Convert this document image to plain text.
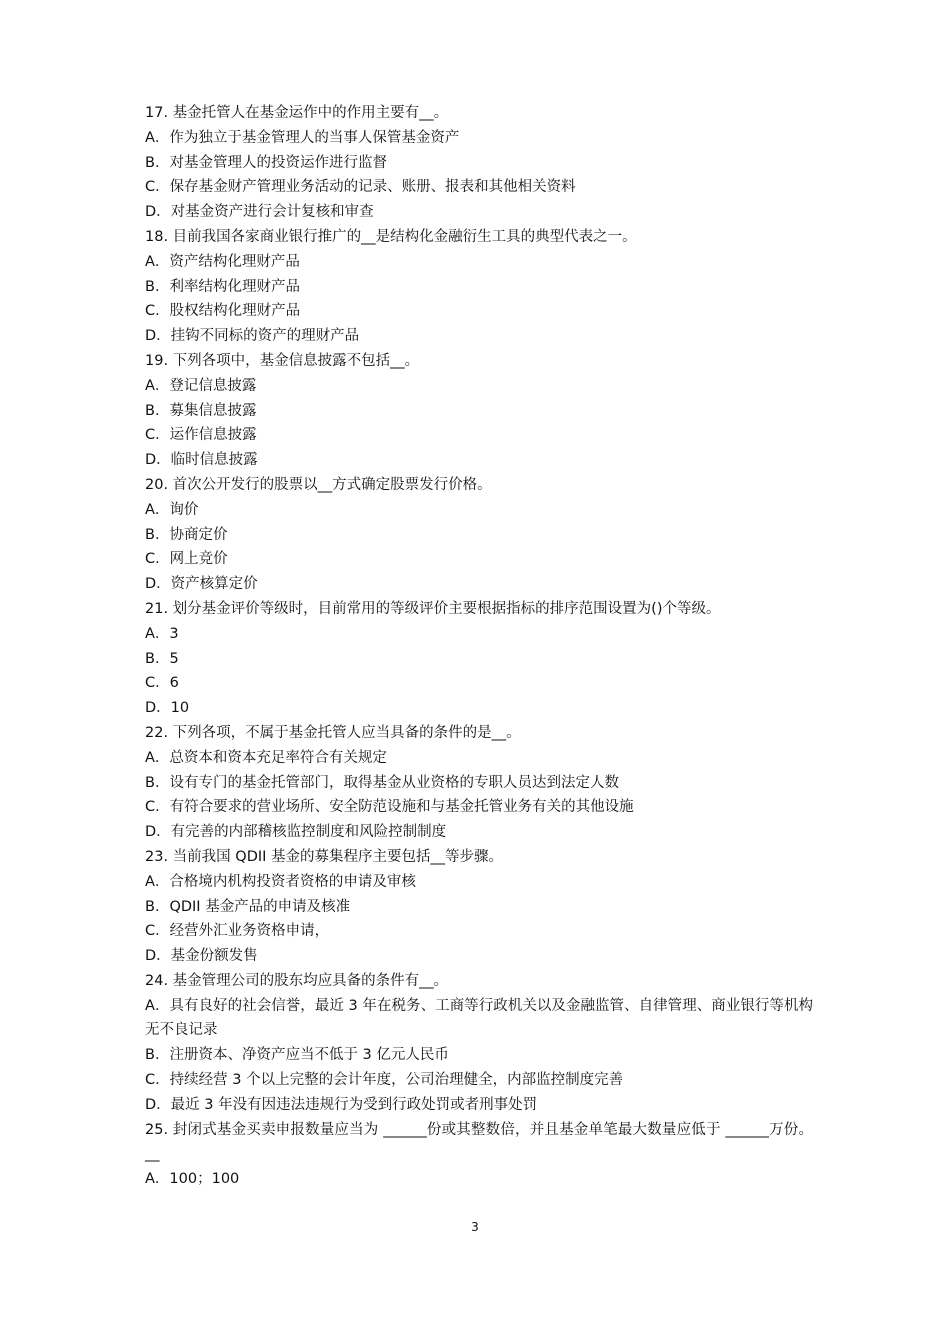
17. 基金托管人在基金运作中的作用主要有__。
A．作为独立于基金管理人的当事人保管基金资产
B．对基金管理人的投资运作进行监督
C．保存基金财产管理业务活动的记录、账册、报表和其他相关资料
D．对基金资产进行会计复核和审查
18. 目前我国各家商业银行推广的__是结构化金融衍生工具的典型代表之一。
A．资产结构化理财产品
B．利率结构化理财产品
C．股权结构化理财产品
D．挂钩不同标的资产的理财产品
19. 下列各项中，基金信息披露不包括__。
A．登记信息披露
B．募集信息披露
C．运作信息披露
D．临时信息披露
20. 首次公开发行的股票以__方式确定股票发行价格。
A．询价
B．协商定价
C．网上竞价
D．资产核算定价
21. 划分基金评价等级时，目前常用的等级评价主要根据指标的排序范围设置为()个等级。
A．3
B．5
C．6
D．10
22. 下列各项，不属于基金托管人应当具备的条件的是__。
A．总资本和资本充足率符合有关规定
B．设有专门的基金托管部门，取得基金从业资格的专职人员达到法定人数
C．有符合要求的营业场所、安全防范设施和与基金托管业务有关的其他设施
D．有完善的内部稽核监控制度和风险控制制度
23. 当前我国 QDII 基金的募集程序主要包括__等步骤。
A．合格境内机构投资者资格的申请及审核
B．QDII 基金产品的申请及核准
C．经营外汇业务资格申请，
D．基金份额发售
24. 基金管理公司的股东均应具备的条件有__。
A．具有良好的社会信誉，最近 3 年在税务、工商等行政机关以及金融监管、自律管理、商业银行等机构无不良记录
B．注册资本、净资产应当不低于 3 亿元人民币
C．持续经营 3 个以上完整的会计年度，公司治理健全，内部监控制度完善
D．最近 3 年没有因违法违规行为受到行政处罚或者刑事处罚
25. 封闭式基金买卖申报数量应当为 ______份或其整数倍，并且基金单笔最大数量应低于 ______万份。__
A．100；100
3
